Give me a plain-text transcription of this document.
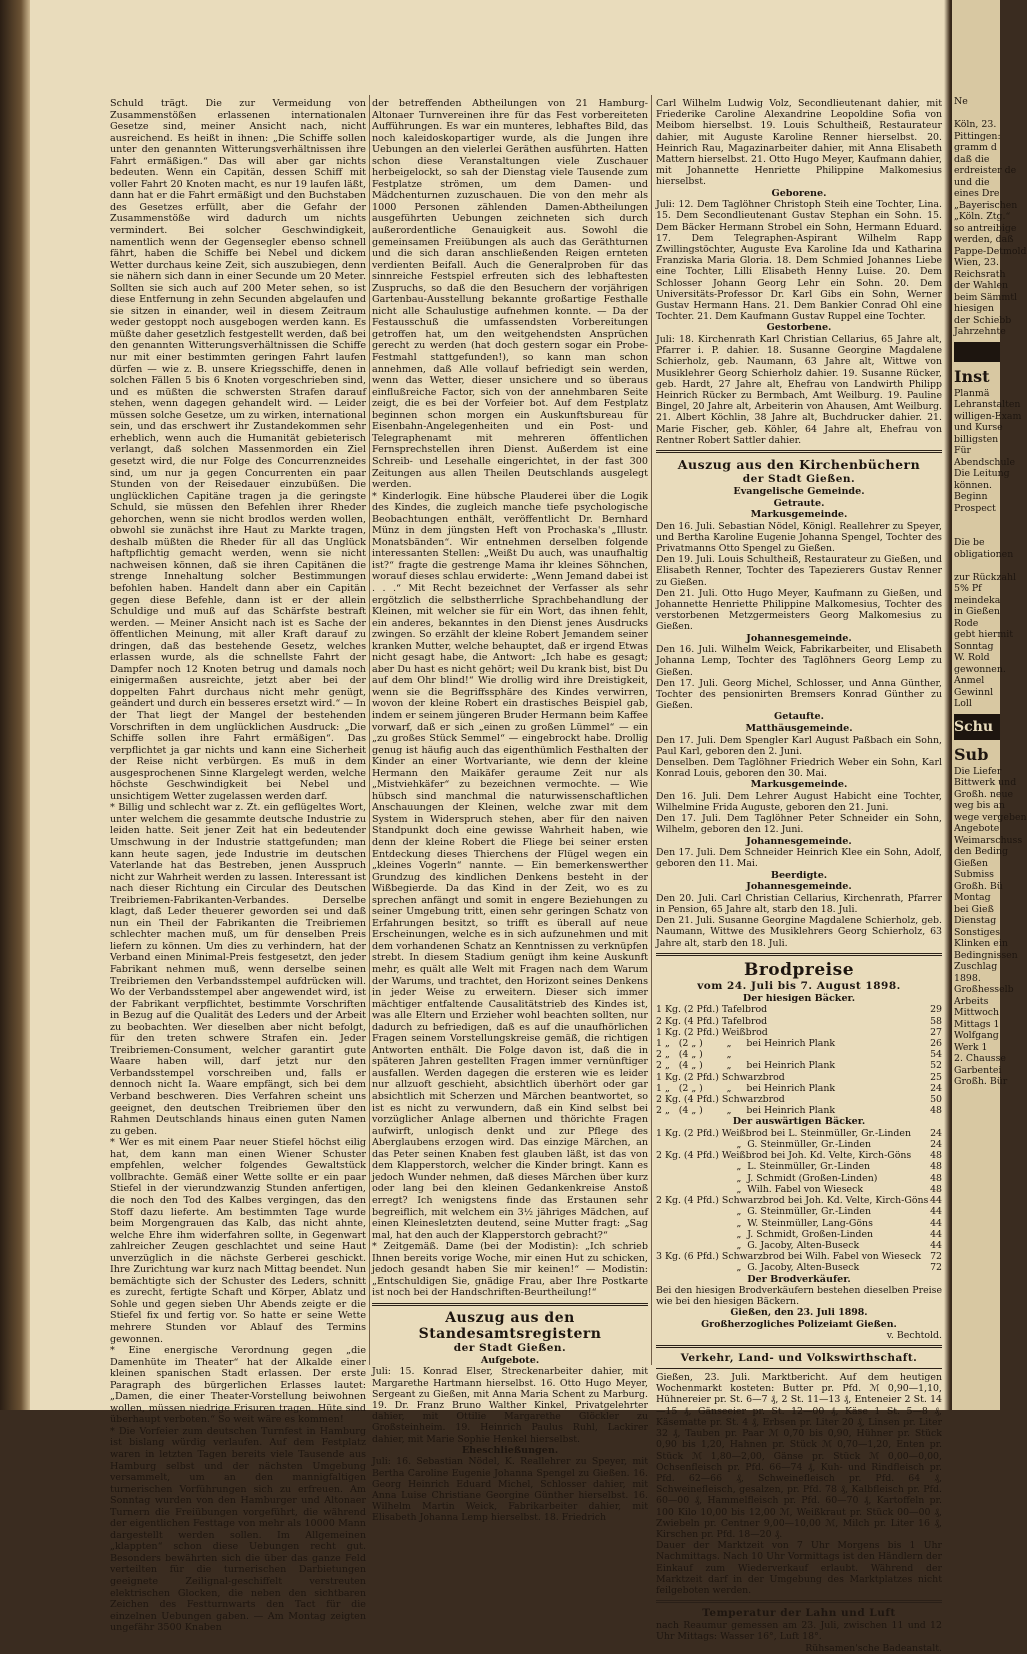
Schuld trägt. Die zur Vermeidung von Zusammenstößen erlassenen internationalen Gesetze sind, meiner Ansicht nach, nicht ausreichend. Es heißt in ihnen: „Die Schiffe sollen unter den genannten Witterungsverhältnissen ihre Fahrt ermäßigen.“ Das will aber gar nichts bedeuten. Wenn ein Capitän, dessen Schiff mit voller Fahrt 20 Knoten macht, es nur 19 laufen läßt, dann hat er die Fahrt ermäßigt und den Buchstaben des Gesetzes erfüllt, aber die Gefahr der Zusammenstöße wird dadurch um nichts vermindert. Bei solcher Geschwindigkeit, namentlich wenn der Gegensegler ebenso schnell fährt, haben die Schiffe bei Nebel und dickem Wetter durchaus keine Zeit, sich auszubiegen, denn sie nähern sich dann in einer Secunde um 20 Meter. Sollten sie sich auch auf 200 Meter sehen, so ist diese Entfernung in zehn Secunden abgelaufen und sie sitzen in einander, weil in diesem Zeitraum weder gestoppt noch ausgebogen werden kann. Es müßte daher gesetzlich festgestellt werden, daß bei den genannten Witterungsverhältnissen die Schiffe nur mit einer bestimmten geringen Fahrt laufen dürfen — wie z. B. unsere Kriegsschiffe, denen in solchen Fällen 5 bis 6 Knoten vorgeschrieben sind, und es müßten die schwersten Strafen darauf stehen, wenn dagegen gehandelt wird. — Leider müssen solche Gesetze, um zu wirken, international sein, und das erschwert ihr Zustandekommen sehr erheblich, wenn auch die Humanität gebieterisch verlangt, daß solchen Massenmorden ein Ziel gesetzt wird, die nur Folge des Concurrenzneides sind, um nur ja gegen Concurrenten ein paar Stunden von der Reisedauer einzubüßen. Die unglücklichen Capitäne tragen ja die geringste Schuld, sie müssen den Befehlen ihrer Rheder gehorchen, wenn sie nicht brodlos werden wollen, obwohl sie zunächst ihre Haut zu Markte tragen, deshalb müßten die Rheder für all das Unglück haftpflichtig gemacht werden, wenn sie nicht nachweisen können, daß sie ihren Capitänen die strenge Innehaltung solcher Bestimmungen befohlen haben. Handelt dann aber ein Capitän gegen diese Befehle, dann ist er der allein Schuldige und muß auf das Schärfste bestraft werden. — Meiner Ansicht nach ist es Sache der öffentlichen Meinung, mit aller Kraft darauf zu dringen, daß das bestehende Gesetz, welches erlassen wurde, als die schnellste Fahrt der Dampfer noch 12 Knoten betrug und damals noch einigermaßen ausreichte, jetzt aber bei der doppelten Fahrt durchaus nicht mehr genügt, geändert und durch ein besseres ersetzt wird.“ — In der That liegt der Mangel der bestehenden Vorschriften in dem unglücklichen Ausdruck: „Die Schiffe sollen ihre Fahrt ermäßigen“. Das verpflichtet ja gar nichts und kann eine Sicherheit der Reise nicht verbürgen. Es muß in dem ausgesprochenen Sinne Klargelegt werden, welche höchste Geschwindigkeit bei Nebel und unsichtigem Wetter zugelassen werden darf.

* Billig und schlecht war z. Zt. ein geflügeltes Wort, unter welchem die gesammte deutsche Industrie zu leiden hatte. Seit jener Zeit hat ein bedeutender Umschwung in der Industrie stattgefunden; man kann heute sagen, jede Industrie im deutschen Vaterlande hat das Bestreben, jenen Ausspruch nicht zur Wahrheit werden zu lassen. Interessant ist nach dieser Richtung ein Circular des Deutschen Treibriemen-Fabrikanten-Verbandes. Derselbe klagt, daß Leder theuerer geworden sei und daß nun ein Theil der Fabrikanten die Treibriemen schlechter machen muß, um für denselben Preis liefern zu können. Um dies zu verhindern, hat der Verband einen Minimal-Preis festgesetzt, den jeder Fabrikant nehmen muß, wenn derselbe seinen Treibriemen den Verbandsstempel aufdrücken will. Wo der Verbandsstempel aber angewendet wird, ist der Fabrikant verpflichtet, bestimmte Vorschriften in Bezug auf die Qualität des Leders und der Arbeit zu beobachten. Wer dieselben aber nicht befolgt, für den treten schwere Strafen ein. Jeder Treibriemen-Consument, welcher garantirt gute Waare haben will, darf jetzt nur den Verbandsstempel vorschreiben und, falls er dennoch nicht Ia. Waare empfängt, sich bei dem Verband beschweren. Dies Verfahren scheint uns geeignet, den deutschen Treibriemen über den Rahmen Deutschlands hinaus einen guten Namen zu geben.

* Wer es mit einem Paar neuer Stiefel höchst eilig hat, dem kann man einen Wiener Schuster empfehlen, welcher folgendes Gewaltstück vollbrachte. Gemäß einer Wette sollte er ein paar Stiefel in der vierundzwanzig Stunden anfertigen, die noch den Tod des Kalbes vergingen, das den Stoff dazu lieferte. Am bestimmten Tage wurde beim Morgengrauen das Kalb, das nicht ahnte, welche Ehre ihm widerfahren sollte, in Gegenwart zahlreicher Zeugen geschlachtet und seine Haut unverzüglich in die nächste Gerberei geschickt. Ihre Zurichtung war kurz nach Mittag beendet. Nun bemächtigte sich der Schuster des Leders, schnitt es zurecht, fertigte Schaft und Körper, Ablatz und Sohle und gegen sieben Uhr Abends zeigte er die Stiefel fix und fertig vor. So hatte er seine Wette mehrere Stunden vor Ablauf des Termins gewonnen.

* Eine energische Verordnung gegen „die Damenhüte im Theater“ hat der Alkalde einer kleinen spanischen Stadt erlassen. Der erste Paragraph des bürgerlichen Erlasses lautet: „Damen, die einer Theater-Vorstellung beiwohnen wollen, müssen niedrige Frisuren tragen. Hüte sind überhaupt verboten.“ So weit wäre es kommen!

* Die Vorfeier zum deutschen Turnfest in Hamburg ist bislang würdig verlaufen. Auf dem Festplatz waren in letzten Tagen bereits viele Tausende aus Hamburg selbst und der nächsten Umgebung versammelt, um an den mannigfaltigen turnerischen Vorführungen sich zu erfreuen. Am Sonntag wurden von den Hamburger und Altonaer Turnern die Freiübungen vorgeführt, die während der eigentlichen Festtage von mehr als 10000 Mann dargestellt werden sollen. Im Allgemeinen „klappten“ schon diese Uebungen recht gut. Besonders bewährten sich die über das ganze Feld verteilten für die turnerischen Darbietungen geeignete Zeilignal-geschiffelt verstreuten elektrischen Glocken, die neben den sichtbaren Zeichen des Festturnwarts den Tact für die einzelnen Uebungen gaben. — Am Montag zeigten ungefähr 3500 Knaben

der betreffenden Abtheilungen von 21 Hamburg-Altonaer Turnvereinen ihre für das Fest vorbereiteten Aufführungen. Es war ein munteres, lebhaftes Bild, das noch kaleidoskopartiger wurde, als die Jungen ihre Uebungen an den vielerlei Geräthen ausführten. Hatten schon diese Veranstaltungen viele Zuschauer herbeigelockt, so sah der Dienstag viele Tausende zum Festplatze strömen, um dem Damen- und Mädchenturnen zuzuschauen. Die von den mehr als 1000 Personen zählenden Damen-Abtheilungen ausgeführten Uebungen zeichneten sich durch außerordentliche Genauigkeit aus. Sowohl die gemeinsamen Freiübungen als auch das Geräthturnen und die sich daran anschließenden Reigen ernteten verdienten Beifall. Auch die Generalproben für das sinnreiche Festspiel erfreuten sich des lebhaftesten Zuspruchs, so daß die den Besuchern der vorjährigen Gartenbau-Ausstellung bekannte großartige Festhalle nicht alle Schaulustige aufnehmen konnte. — Da der Festausschuß die umfassendsten Vorbereitungen getroffen hat, um den weitgehendsten Ansprüchen gerecht zu werden (hat doch gestern sogar ein Probe-Festmahl stattgefunden!), so kann man schon annehmen, daß Alle vollauf befriedigt sein werden, wenn das Wetter, dieser unsichere und so überaus einflußreiche Factor, sich von der annehmbaren Seite zeigt, die es bei der Vorfeier bot. Auf dem Festplatz beginnen schon morgen ein Auskunftsbureau für Eisenbahn-Angelegenheiten und ein Post- und Telegraphenamt mit mehreren öffentlichen Fernsprechstellen ihren Dienst. Außerdem ist eine Schreib- und Lesehalle eingerichtet, in der fast 300 Zeitungen aus allen Theilen Deutschlands ausgelegt werden.

* Kinderlogik. Eine hübsche Plauderei über die Logik des Kindes, die zugleich manche tiefe psychologische Beobachtungen enthält, veröffentlicht Dr. Bernhard Münz in dem jüngsten Heft von Prochaska's „Illustr. Monatsbänden“. Wir entnehmen derselben folgende interessanten Stellen: „Weißt Du auch, was unaufhaltig ist?“ fragte die gestrenge Mama ihr kleines Söhnchen, worauf dieses schlau erwiderte: „Wenn Jemand dabei ist . . .“ Mit Recht bezeichnet der Verfasser als sehr ergötzlich die selbstherrliche Sprachbehandlung der Kleinen, mit welcher sie für ein Wort, das ihnen fehlt, ein anderes, bekanntes in den Dienst jenes Ausdrucks zwingen. So erzählt der kleine Robert Jemandem seiner kranken Mutter, welche behauptet, daß er irgend Etwas nicht gesagt habe, die Antwort: „Ich habe es gesagt; aber Du hast es nicht gehört; weil Du krank bist, bist Du auf dem Ohr blind!“ Wie drollig wird ihre Dreistigkeit, wenn sie die Begriffssphäre des Kindes verwirren, wovon der kleine Robert ein drastisches Beispiel gab, indem er seinem jüngeren Bruder Hermann beim Kaffee vorwarf, daß er sich „einen zu großen Lümmel“ — ein „zu großes Stück Semmel“ — eingebrockt habe. Drollig genug ist häufig auch das eigenthümlich Festhalten der Kinder an einer Wortvariante, wie denn der kleine Hermann den Maikäfer geraume Zeit nur als „Mistviehkäfer“ zu bezeichnen vermochte. — Wie hübsch sind manchmal die naturwissenschaftlichen Anschauungen der Kleinen, welche zwar mit dem System in Widerspruch stehen, aber für den naiven Standpunkt doch eine gewisse Wahrheit haben, wie denn der kleine Robert die Fliege bei seiner ersten Entdeckung dieses Thierchens der Flügel wegen ein „kleines Vogerln“ nannte. — Ein bemerkenswerther Grundzug des kindlichen Denkens besteht in der Wißbegierde. Da das Kind in der Zeit, wo es zu sprechen anfängt und somit in engere Beziehungen zu seiner Umgebung tritt, einen sehr geringen Schatz von Erfahrungen besitzt, so trifft es überall auf neue Erscheinungen, welche es in sich aufzunehmen und mit dem vorhandenen Schatz an Kenntnissen zu verknüpfen strebt. In diesem Stadium genügt ihm keine Auskunft mehr, es quält alle Welt mit Fragen nach dem Warum der Warums, und trachtet, den Horizont seines Denkens in jeder Weise zu erweitern. Dieser sich immer mächtiger entfaltende Causalitätstrieb des Kindes ist, was alle Eltern und Erzieher wohl beachten sollten, nur dadurch zu befriedigen, daß es auf die unaufhörlichen Fragen seinem Vorstellungskreise gemäß, die richtigen Antworten enthält. Die Folge davon ist, daß die in späteren Jahren gestellten Fragen immer vernünftiger ausfallen. Werden dagegen die ersteren wie es leider nur allzuoft geschieht, absichtlich überhört oder gar absichtlich mit Scherzen und Märchen beantwortet, so ist es nicht zu verwundern, daß ein Kind selbst bei vorzüglicher Anlage albernen und thörichte Fragen aufwirft, unlogisch denkt und zur Pflege des Aberglaubens erzogen wird. Das einzige Märchen, an das Peter seinen Knaben fest glauben läßt, ist das von dem Klapperstorch, welcher die Kinder bringt. Kann es jedoch Wunder nehmen, daß dieses Märchen über kurz oder lang bei den kleinen Gedankenkreise Anstoß erregt? Ich wenigstens finde das Erstaunen sehr begreiflich, mit welchem ein 3½ jähriges Mädchen, auf einen Kleinesletzten deutend, seine Mutter fragt: „Sag mal, hat den auch der Klapperstorch gebracht?“

* Zeitgemäß. Dame (bei der Modistin): „Ich schrieb Ihnen bereits vorige Woche, mir einen Hut zu schicken, jedoch gesandt haben Sie mir keinen!“ — Modistin: „Entschuldigen Sie, gnädige Frau, aber Ihre Postkarte ist noch bei der Handschriften-Beurtheilung!“

Auszug aus den Standesamtsregistern

der Stadt Gießen.

Aufgebote.

Juli: 15. Konrad Elser, Streckenarbeiter dahier, mit Margarethe Hartmann hierselbst. 16. Otto Hugo Meyer, Sergeant zu Gießen, mit Anna Maria Schent zu Marburg. 19. Dr. Franz Bruno Walther Kinkel, Privatgelehrter dahier, mit Ottilie Margarethe Glöckler zu Großsteinheim. 19. Heinrich Paulus Ruhl, Lackirer dahier, mit Marie Sophie Henkel hierselbst.

Eheschließungen.

Juli: 16. Sebastian Nödel, K. Reallehrer zu Speyer, mit Bertha Caroline Eugenie Johanna Spengel zu Gießen. 16. Georg Heinrich Eduard Michel, Schlosser dahier, mit Anna Luise Christiane Georgine Günther hierselbst. 16. Wilhelm Martin Weick, Fabrikarbeiter dahier, mit Elisabeth Johanna Lemp hierselbst. 18. Friedrich

Carl Wilhelm Ludwig Volz, Secondlieutenant dahier, mit Friederike Caroline Alexandrine Leopoldine Sofia von Meibom hierselbst. 19. Louis Schultheiß, Restaurateur dahier, mit Auguste Karoline Renner hierselbst. 20. Heinrich Rau, Magazinarbeiter dahier, mit Anna Elisabeth Mattern hierselbst. 21. Otto Hugo Meyer, Kaufmann dahier, mit Johannette Henriette Philippine Malkomesius hierselbst.

Geborene.

Juli: 12. Dem Taglöhner Christoph Steih eine Tochter, Lina. 15. Dem Secondlieutenant Gustav Stephan ein Sohn. 15. Dem Bäcker Hermann Strobel ein Sohn, Hermann Eduard. 17. Dem Telegraphen-Aspirant Wilhelm Rapp Zwillingstöchter, Auguste Eva Karoline Ida und Katharina Franziska Maria Gloria. 18. Dem Schmied Johannes Liebe eine Tochter, Lilli Elisabeth Henny Luise. 20. Dem Schlosser Johann Georg Lehr ein Sohn. 20. Dem Universitäts-Professor Dr. Karl Gibs ein Sohn, Werner Gustav Hermann Hans. 21. Dem Bankier Conrad Ohl eine Tochter. 21. Dem Kaufmann Gustav Ruppel eine Tochter.

Gestorbene.

Juli: 18. Kirchenrath Karl Christian Cellarius, 65 Jahre alt, Pfarrer i. P. dahier. 18. Susanne Georgine Magdalene Schierholz, geb. Naumann, 63 Jahre alt, Wittwe von Musiklehrer Georg Schierholz dahier. 19. Susanne Rücker, geb. Hardt, 27 Jahre alt, Ehefrau von Landwirth Philipp Heinrich Rücker zu Bermbach, Amt Weilburg. 19. Pauline Bingel, 20 Jahre alt, Arbeiterin von Ahausen, Amt Weilburg. 21. Albert Köchlin, 38 Jahre alt, Buchdrucker dahier. 21. Marie Fischer, geb. Köhler, 64 Jahre alt, Ehefrau von Rentner Robert Sattler dahier.

Auszug aus den Kirchenbüchern

der Stadt Gießen.

Evangelische Gemeinde.

Getraute.

Markusgemeinde.

Den 16. Juli. Sebastian Nödel, Königl. Reallehrer zu Speyer, und Bertha Karoline Eugenie Johanna Spengel, Tochter des Privatmanns Otto Spengel zu Gießen.

Den 19. Juli. Louis Schultheiß, Restaurateur zu Gießen, und Elisabeth Renner, Tochter des Tapezierers Gustav Renner zu Gießen.

Den 21. Juli. Otto Hugo Meyer, Kaufmann zu Gießen, und Johannette Henriette Philippine Malkomesius, Tochter des verstorbenen Metzgermeisters Georg Malkomesius zu Gießen.

Johannesgemeinde.

Den 16. Juli. Wilhelm Weick, Fabrikarbeiter, und Elisabeth Johanna Lemp, Tochter des Taglöhners Georg Lemp zu Gießen.

Den 17. Juli. Georg Michel, Schlosser, und Anna Günther, Tochter des pensionirten Bremsers Konrad Günther zu Gießen.

Getaufte.

Matthäusgemeinde.

Den 17. Juli. Dem Spengler Karl August Paßbach ein Sohn, Paul Karl, geboren den 2. Juni.

Denselben. Dem Taglöhner Friedrich Weber ein Sohn, Karl Konrad Louis, geboren den 30. Mai.

Markusgemeinde.

Den 16. Juli. Dem Lehrer August Habicht eine Tochter, Wilhelmine Frida Auguste, geboren den 21. Juni.

Den 17. Juli. Dem Taglöhner Peter Schneider ein Sohn, Wilhelm, geboren den 12. Juni.

Johannesgemeinde.

Den 17. Juli. Dem Schneider Heinrich Klee ein Sohn, Adolf, geboren den 11. Mai.

Beerdigte.

Johannesgemeinde.

Den 20. Juli. Carl Christian Cellarius, Kirchenrath, Pfarrer in Pension, 65 Jahre alt, starb den 18. Juli.

Den 21. Juli. Susanne Georgine Magdalene Schierholz, geb. Naumann, Wittwe des Musiklehrers Georg Schierholz, 63 Jahre alt, starb den 18. Juli.

Brodpreise

vom 24. Juli bis 7. August 1898.

Der hiesigen Bäcker.

1 Kg. (2 Pfd.) Tafelbrod	29
2 Kg. (4 Pfd.) Tafelbrod	58
1 Kg. (2 Pfd.) Weißbrod	27
1 „   (2 „ )        „     bei Heinrich Plank	26
2 „   (4 „ )        „	54
2 „   (4 „ )        „     bei Heinrich Plank	52
1 Kg. (2 Pfd.) Schwarzbrod	25
1 „   (2 „ )        „     bei Heinrich Plank	24
2 Kg. (4 Pfd.) Schwarzbrod	50
2 „   (4 „ )        „     bei Heinrich Plank	48

Der auswärtigen Bäcker.

1 Kg. (2 Pfd.) Weißbrod bei L. Steinmüller, Gr.-Linden	24
„  G. Steinmüller, Gr.-Linden	24
2 Kg. (4 Pfd.) Weißbrod bei Joh. Kd. Velte, Kirch-Göns	48
„  L. Steinmüller, Gr.-Linden	48
„  J. Schmidt (Großen-Linden)	48
„  Wilh. Fabel von Wieseck	48
2 Kg. (4 Pfd.) Schwarzbrod bei Joh. Kd. Velte, Kirch-Göns 44
„  G. Steinmüller, Gr.-Linden	44
„  W. Steinmüller, Lang-Göns	44
„  J. Schmidt, Großen-Linden	44
„  G. Jacoby, Alten-Buseck	44
3 Kg. (6 Pfd.) Schwarzbrod bei Wilh. Fabel von Wieseck 72
„  G. Jacoby, Alten-Buseck	72

Der Brodverkäufer.

Bei den hiesigen Brodverkäufern bestehen dieselben Preise wie bei den hiesigen Bäckern.

Gießen, den 23. Juli 1898.

Großherzogliches Polizeiamt Gießen.

v. Bechtold.

Verkehr, Land- und Volkswirthschaft.

Gießen, 23. Juli. Marktbericht. Auf dem heutigen Wochenmarkt kosteten: Butter pr. Pfd. ℳ 0,90—1,10, Hühnereier pr. St. 6—7 ₰, 2 St. 11—13 ₰, Enteneier 2 St. 14—15 ₰, Gänseeier pr. St. 12—00 ₰, Käse 1 St. 5—8 ₰, Käsematte pr. St. 4 ₰, Erbsen pr. Liter 20 ₰, Linsen pr. Liter 32 ₰, Tauben pr. Paar ℳ 0,70 bis 0,90, Hühner pr. Stück 0,90 bis 1,20, Hahnen pr. Stück ℳ 0,70—1,20, Enten pr. Stück ℳ 1,80—2,00, Gänse pr. Stück ℳ 0,00—0,00, Ochsenfleisch pr. Pfd. 66—74 ₰, Kuh- und Rindfleisch pr. Pfd. 62—66 ₰, Schweinefleisch pr. Pfd. 64 ₰, Schweinefleisch, gesalzen, pr. Pfd. 78 ₰, Kalbfleisch pr. Pfd. 60—00 ₰, Hammelfleisch pr. Pfd. 60—70 ₰, Kartoffeln pr. 100 Kilo 10,00 bis 12,00 ℳ, Weißkraut pr. Stück 00—00 ₰, Zwiebeln pr. Centner 9,00—10,00 ℳ, Milch pr. Liter 16 ₰, Kirschen pr. Pfd. 18—20 ₰.

Dauer der Marktzeit von 7 Uhr Morgens bis 1 Uhr Nachmittags. Nach 10 Uhr Vormittags ist den Händlern der Einkauf zum Wiederverkauf erlaubt. Während der Marktzeit darf in der Umgebung des Marktplatzes nicht feilgeboten werden.

Temperatur der Lahn und Luft

nach Reaumur gemessen am 23. Juli, zwischen 11 und 12 Uhr Mittags: Wasser 16°, Luft 18°.

Rühsamen'sche Badeanstalt.

Ne

Köln, 23.
Pittingen:
gramm d
daß die
erdreister de
und die
eines Dre
„Bayerischen
„Köln. Ztg.“
so antreibige
werden, daß
Pappe-Detmold
Wien, 23.
Reichsrath
der Wahlen
beim Sämmtl
hiesigen
der Schiebb
Jahrzehnte
Inst
Planmä
Lehranstalten
willigen-Exam
und Kurse
billigsten
Für
Abendschule
Die Leitung
können.
Beginn
Prospect

Die be
obligationen

zur Rückzahl
5% Pf
meindeka
in Gießen
Rode
gebt hiermit
Sonntag
W. Rold
gewonnen.
Anmel
Gewinnl
Loll
Schu
Sub
Die Liefer
Bittwerk und
Großh. neue
weg bis an
wege vergeben
Angebote
Weimarschuss
den Beding
Gießen
Submiss
Großh. Bü
Montag
bei Gieß
Dienstag
Sonstiges
Klinken ein
Bedingnissen
Zuschlag
1898.
Großhesselb
Arbeits
Mittwoch
Mittags 1
Wolfgang
Werk 1
2. Chausse
Garbentei
Großh. Bür
